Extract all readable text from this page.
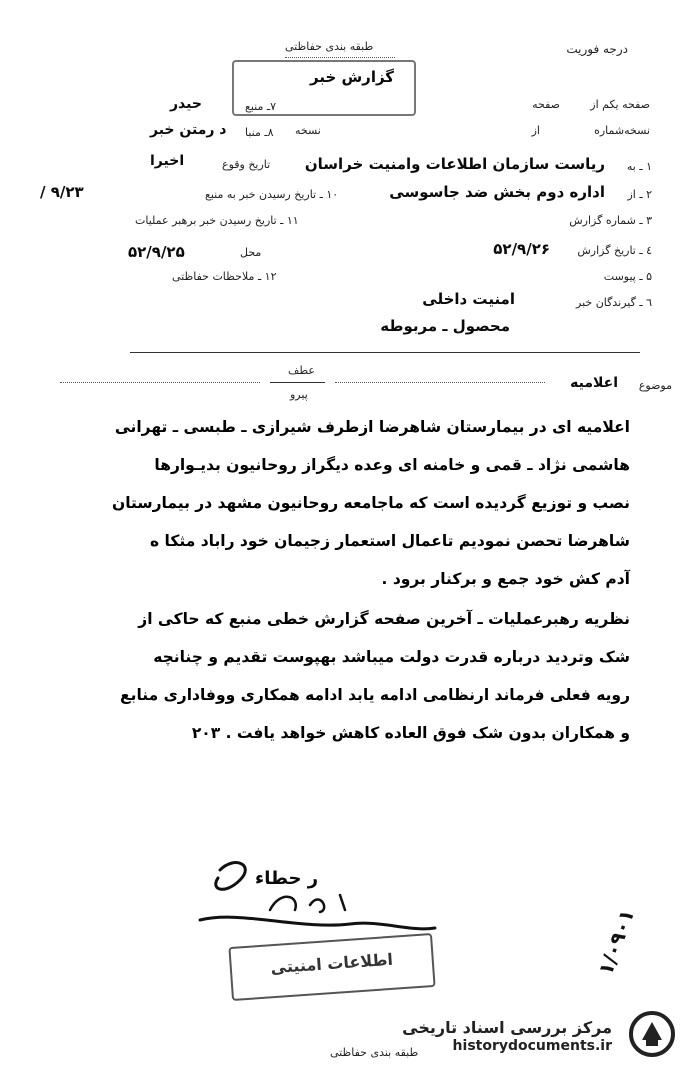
درجه فوریت
طبقه بندی حفاظتی
گزارش خبر
صفحه یکم از
صفحه
نسخه‌شماره
از
نسخه
۷ـ منبع
حیدر
۸ـ منبا
د رمتن خبر
۱ ـ به
ریاست سازمان اطلاعات وامنیت خراسان
تاریخ وقوع
اخیرا
۲ ـ از
اداره دوم بخش ضد جاسوسی
۱۰ ـ تاریخ رسیدن خبر به منبع
۹/۲۳ /
۳ ـ شماره گزارش
۱۱ ـ تاریخ رسیدن خبر برهبر عملیات
٤ ـ تاریخ گزارش
۵۲/۹/۲۶
محل
۵۲/۹/۲۵
۵ ـ پیوست
۱۲ ـ ملاحظات حفاظتی
٦ ـ گیرندگان خبر
امنیت داخلی
محصول ـ مربوطه
عطف
پیرو
موضوع
اعلامیه
اعلامیه ای در بیمارستان شاهرضا ازطرف شیرازی ـ طبسی ـ تهرانی
هاشمی نژاد ـ قمی و خامنه ای وعده دیگراز روحانیون بدیـوارها
نصب و توزیع گردیده است که ماجامعه روحانیون مشهد در بیمارستان
شاهرضا تحصن نمودیم تاعمال استعمار زجیمان خود راباد مثکا ه
آدم کش خود جمع و برکنار برود .
نظریه رهبرعملیات ـ آخرین صفحه گزارش خطی منبع که حاکی از
شک وتردید درباره قدرت دولت میباشد بهپوست تقدیم و چنانچه
رویه فعلی فرماند ارنظامی ادامه یابد ادامه همکاری ووفاداری منابع
و همکاران بدون شک فوق العاده کاهش خواهد یافت . ۲۰۳
ر حطاء
۱/۰۹۰۱
اطلاعات امنیتی
مرکز بررسی اسناد تاریخی
historydocuments.ir
طبقه بندی حفاظتی
